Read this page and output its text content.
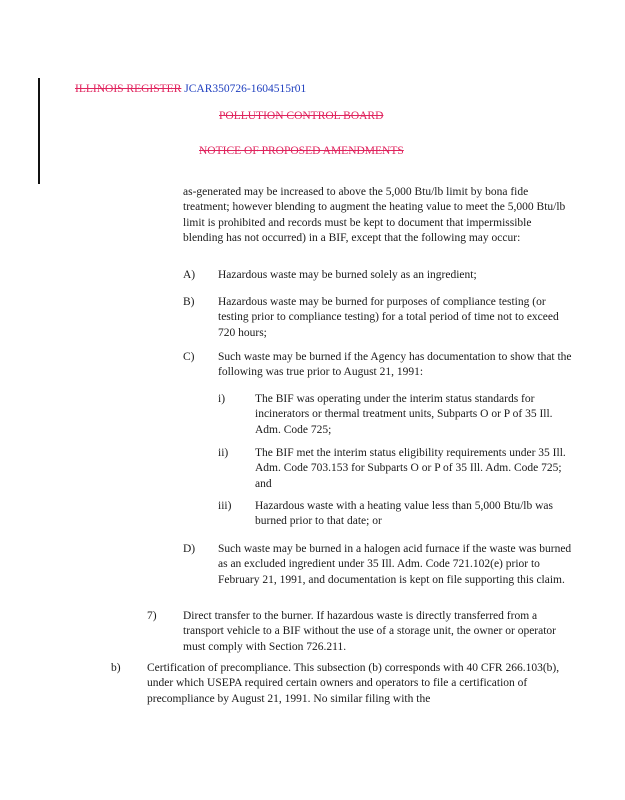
ILLINOIS REGISTER JCAR350726-1604515r01
POLLUTION CONTROL BOARD
NOTICE OF PROPOSED AMENDMENTS

as-generated may be increased to above the 5,000 Btu/lb limit by bona fide treatment; however blending to augment the heating value to meet the 5,000 Btu/lb limit is prohibited and records must be kept to document that impermissible blending has not occurred) in a BIF, except that the following may occur:

A) Hazardous waste may be burned solely as an ingredient;

B) Hazardous waste may be burned for purposes of compliance testing (or testing prior to compliance testing) for a total period of time not to exceed 720 hours;

C) Such waste may be burned if the Agency has documentation to show that the following was true prior to August 21, 1991:

i)	The BIF was operating under the interim status standards for incinerators or thermal treatment units, Subparts O or P of 35 Ill. Adm. Code 725;

ii) The BIF met the interim status eligibility requirements under 35 Ill. Adm. Code 703.153 for Subparts O or P of 35 Ill. Adm. Code 725; and

iii) Hazardous waste with a heating value less than 5,000 Btu/lb was burned prior to that date; or

D) Such waste may be burned in a halogen acid furnace if the waste was burned as an excluded ingredient under 35 Ill. Adm. Code 721.102(e) prior to February 21, 1991, and documentation is kept on file supporting this claim.

7) Direct transfer to the burner. If hazardous waste is directly transferred from a transport vehicle to a BIF without the use of a storage unit, the owner or operator must comply with Section 726.211.

b) Certification of precompliance. This subsection (b) corresponds with 40 CFR 266.103(b), under which USEPA required certain owners and operators to file a certification of precompliance by August 21, 1991. No similar filing with the
